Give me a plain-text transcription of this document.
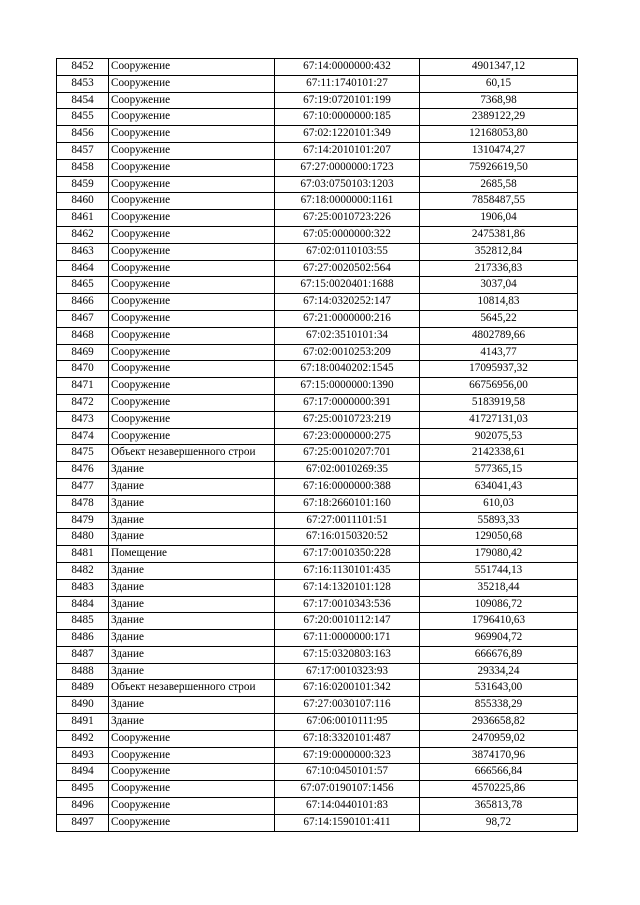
8452	Сооружение	67:14:0000000:432	4901347,12
8453	Сооружение	67:11:1740101:27	60,15
8454	Сооружение	67:19:0720101:199	7368,98
8455	Сооружение	67:10:0000000:185	2389122,29
8456	Сооружение	67:02:1220101:349	12168053,80
8457	Сооружение	67:14:2010101:207	1310474,27
8458	Сооружение	67:27:0000000:1723	75926619,50
8459	Сооружение	67:03:0750103:1203	2685,58
8460	Сооружение	67:18:0000000:1161	7858487,55
8461	Сооружение	67:25:0010723:226	1906,04
8462	Сооружение	67:05:0000000:322	2475381,86
8463	Сооружение	67:02:0110103:55	352812,84
8464	Сооружение	67:27:0020502:564	217336,83
8465	Сооружение	67:15:0020401:1688	3037,04
8466	Сооружение	67:14:0320252:147	10814,83
8467	Сооружение	67:21:0000000:216	5645,22
8468	Сооружение	67:02:3510101:34	4802789,66
8469	Сооружение	67:02:0010253:209	4143,77
8470	Сооружение	67:18:0040202:1545	17095937,32
8471	Сооружение	67:15:0000000:1390	66756956,00
8472	Сооружение	67:17:0000000:391	5183919,58
8473	Сооружение	67:25:0010723:219	41727131,03
8474	Сооружение	67:23:0000000:275	902075,53
8475	Объект незавершенного строи	67:25:0010207:701	2142338,61
8476	Здание	67:02:0010269:35	577365,15
8477	Здание	67:16:0000000:388	634041,43
8478	Здание	67:18:2660101:160	610,03
8479	Здание	67:27:0011101:51	55893,33
8480	Здание	67:16:0150320:52	129050,68
8481	Помещение	67:17:0010350:228	179080,42
8482	Здание	67:16:1130101:435	551744,13
8483	Здание	67:14:1320101:128	35218,44
8484	Здание	67:17:0010343:536	109086,72
8485	Здание	67:20:0010112:147	1796410,63
8486	Здание	67:11:0000000:171	969904,72
8487	Здание	67:15:0320803:163	666676,89
8488	Здание	67:17:0010323:93	29334,24
8489	Объект незавершенного строи	67:16:0200101:342	531643,00
8490	Здание	67:27:0030107:116	855338,29
8491	Здание	67:06:0010111:95	2936658,82
8492	Сооружение	67:18:3320101:487	2470959,02
8493	Сооружение	67:19:0000000:323	3874170,96
8494	Сооружение	67:10:0450101:57	666566,84
8495	Сооружение	67:07:0190107:1456	4570225,86
8496	Сооружение	67:14:0440101:83	365813,78
8497	Сооружение	67:14:1590101:411	98,72
